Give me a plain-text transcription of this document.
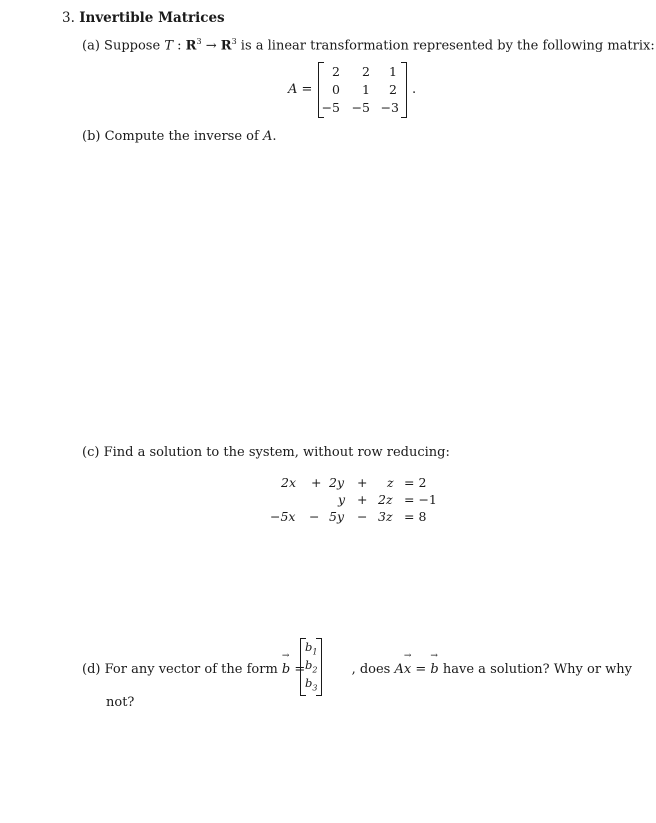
3. Invertible Matrices
(a) Suppose T : $R^3 \to R^3$ is a linear transformation represented by the following matrix:
A =
2	2	1
0	1	2
−5 −5 −3
.
(b) Compute the inverse of A.
(c) Find a solution to the system, without row reducing:
2x + 2y + z = 2
y + 2z = −1
−5x − 5y − 3z = 8
(d) For any vector of the form → b =	, does A→ x = → b have a solution? Why or why
$b_1$
$b_2$
$b_3$
not?
